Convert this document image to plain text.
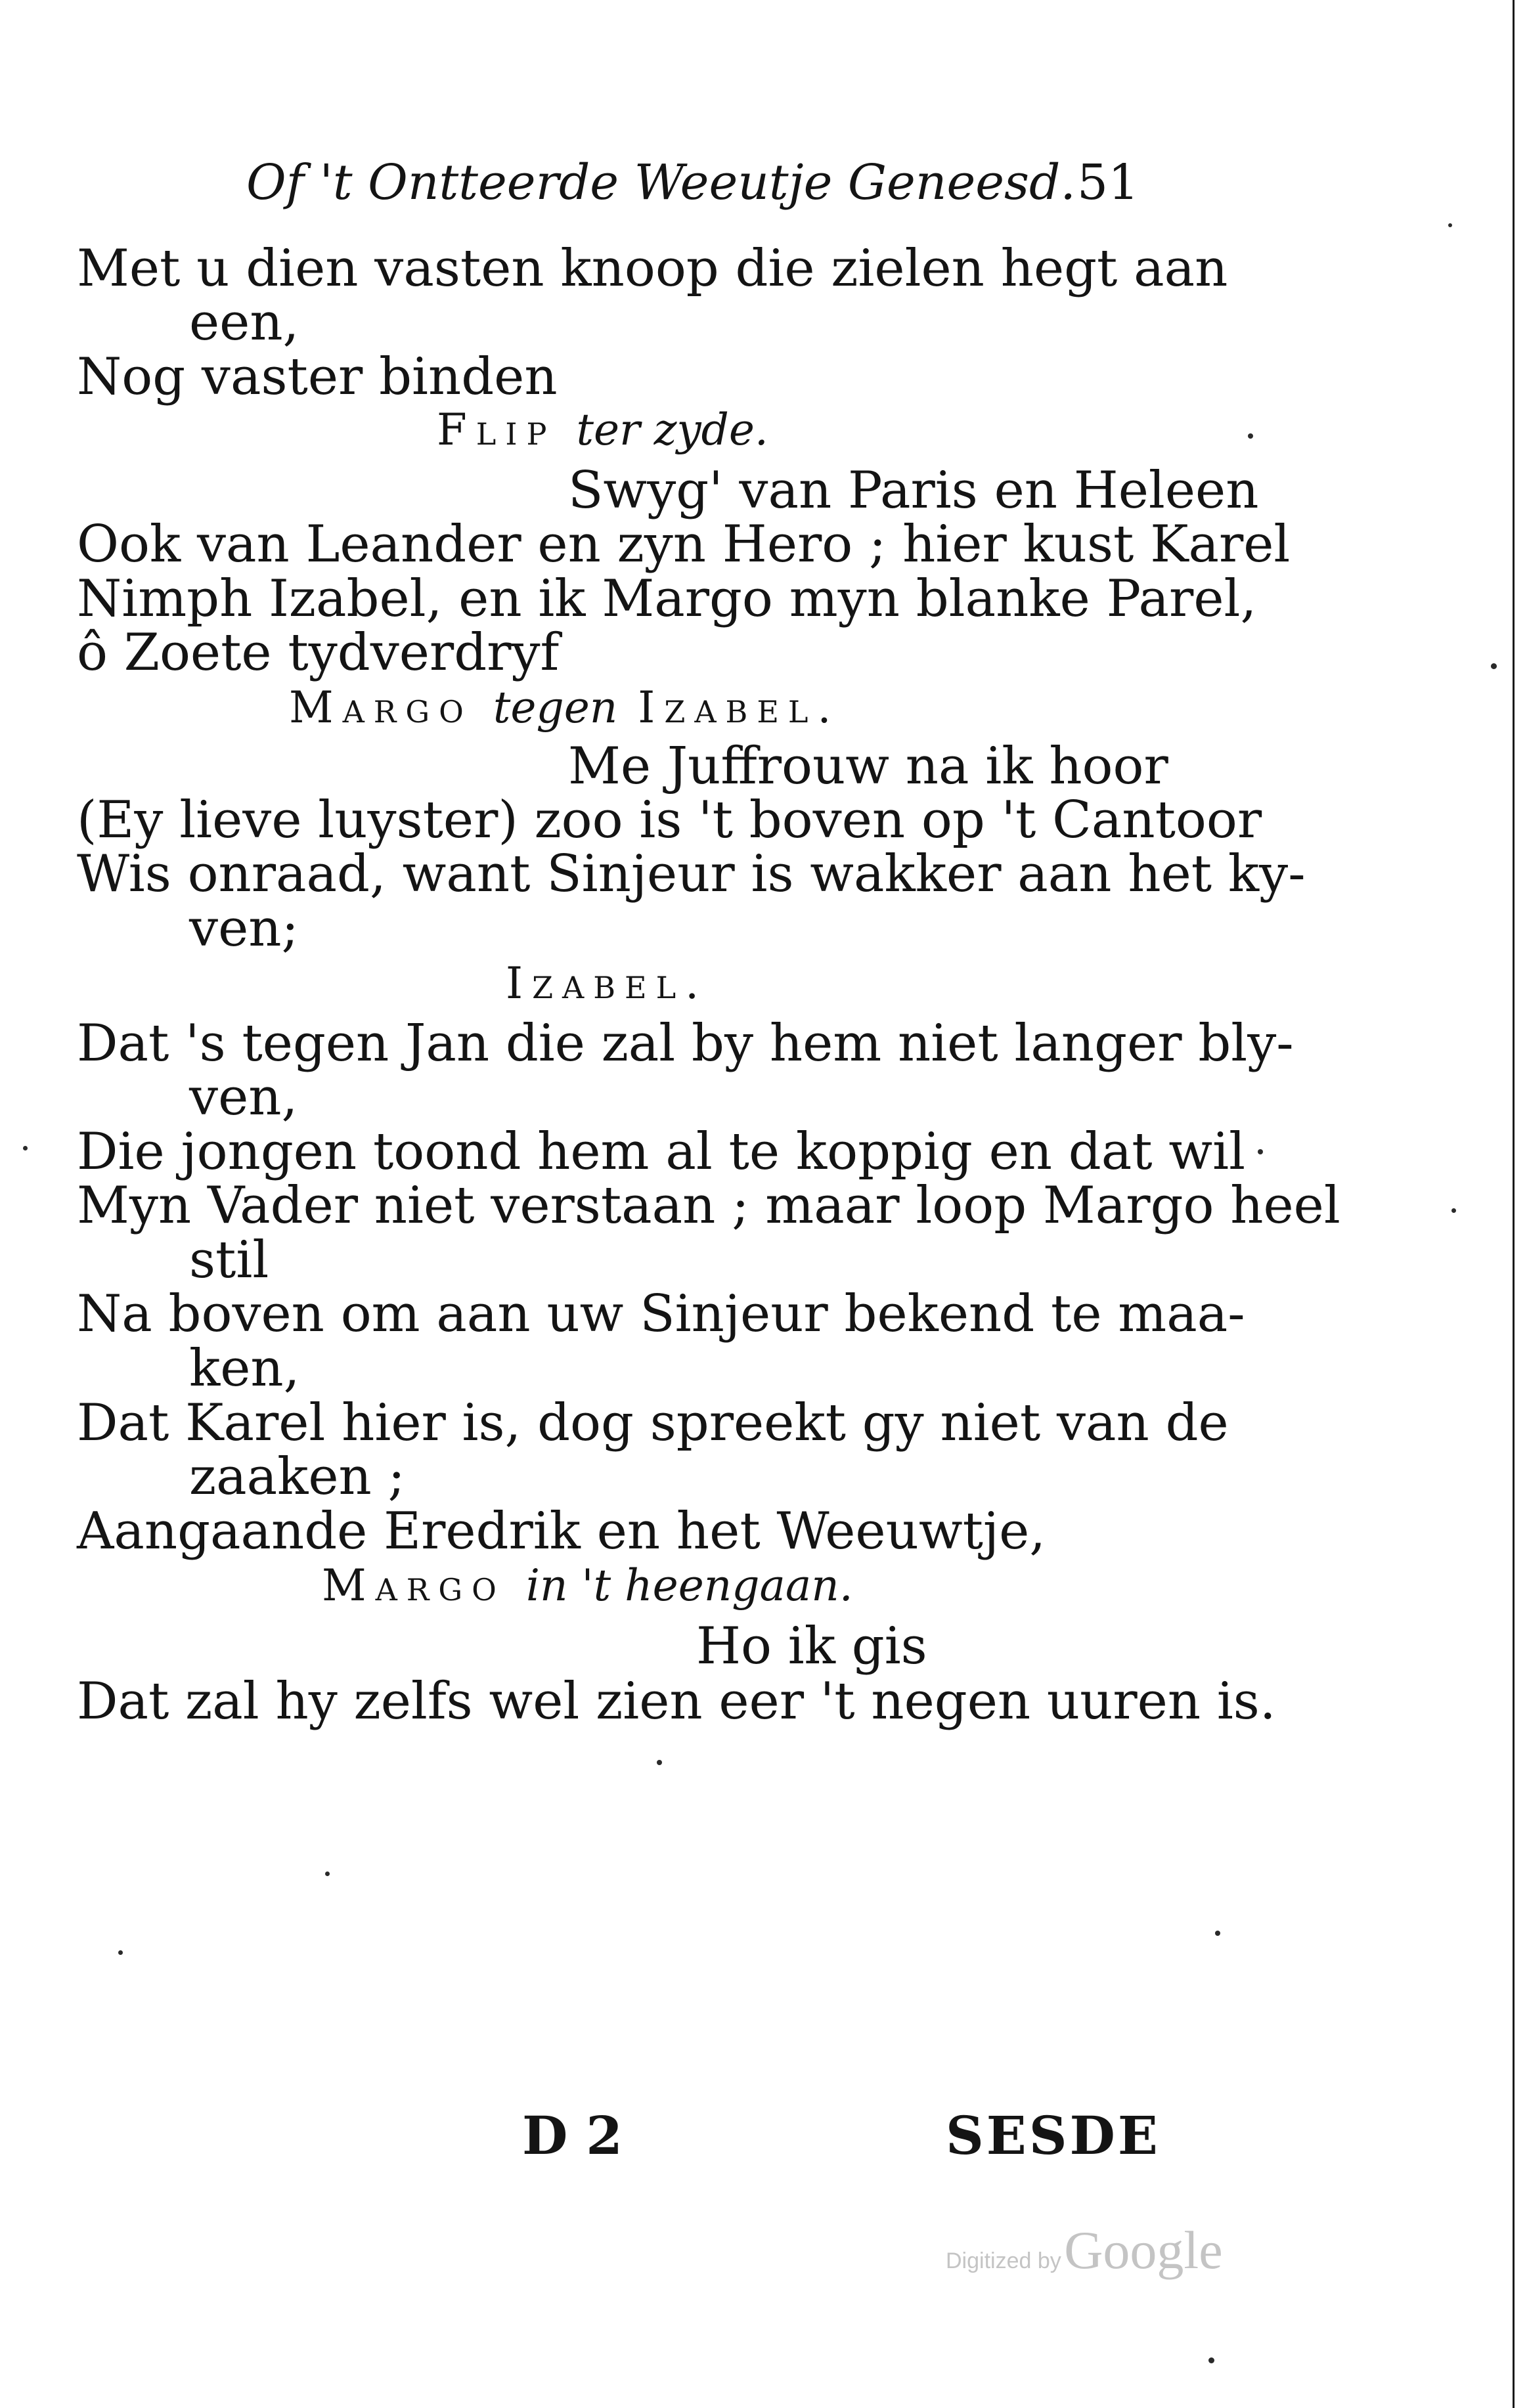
Of 't Ontteerde Weeutje Geneesd. 51
Met u dien vasten knoop die zielen hegt aan
een,
Nog vaster binden
Flip ter zyde.
Swyg' van Paris en Heleen
Ook van Leander en zyn Hero ; hier kust Karel
Nimph Izabel, en ik Margo myn blanke Parel,
ô Zoete tydverdryf
Margo tegen Izabel.
Me Juffrouw na ik hoor
(Ey lieve luyster) zoo is 't boven op 't Cantoor
Wis onraad, want Sinjeur is wakker aan het ky-
ven;
Izabel.
Dat 's tegen Jan die zal by hem niet langer bly-
ven,
Die jongen toond hem al te koppig en dat wil
Myn Vader niet verstaan ; maar loop Margo heel
stil
Na boven om aan uw Sinjeur bekend te maa-
ken,
Dat Karel hier is, dog spreekt gy niet van de
zaaken ;
Aangaande Eredrik en het Weeuwtje,
Margo in 't heengaan.
Ho ik gis
Dat zal hy zelfs wel zien eer 't negen uuren is.
D 2	SESDE
Digitized by Google
